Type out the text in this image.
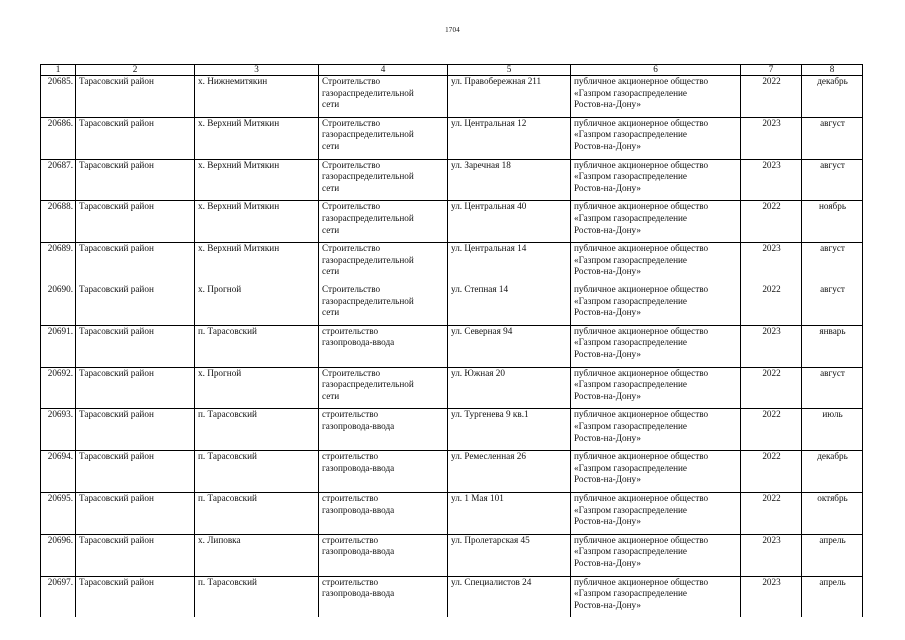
1704
1	2	3	4	5	6	7	8
20685.	Тарасовский район	х. Нижнемитякин	Строительство
газораспределительной
сети	ул. Правобережная 211	публичное акционерное общество
«Газпром газораспределение
Ростов-на-Дону»	2022	декабрь
20686.	Тарасовский район	х. Верхний Митякин	Строительство
газораспределительной
сети	ул. Центральная 12	публичное акционерное общество
«Газпром газораспределение
Ростов-на-Дону»	2023	август
20687.	Тарасовский район	х. Верхний Митякин	Строительство
газораспределительной
сети	ул. Заречная 18	публичное акционерное общество
«Газпром газораспределение
Ростов-на-Дону»	2023	август
20688.	Тарасовский район	х. Верхний Митякин	Строительство
газораспределительной
сети	ул. Центральная 40	публичное акционерное общество
«Газпром газораспределение
Ростов-на-Дону»	2022	ноябрь
20689.	Тарасовский район	х. Верхний Митякин	Строительство
газораспределительной
сети	ул. Центральная 14	публичное акционерное общество
«Газпром газораспределение
Ростов-на-Дону»	2023	август
20690.	Тарасовский район	х. Прогной	Строительство
газораспределительной
сети	ул. Степная 14	публичное акционерное общество
«Газпром газораспределение
Ростов-на-Дону»	2022	август
20691.	Тарасовский район	п. Тарасовский	строительство
газопровода-ввода	ул. Северная 94	публичное акционерное общество
«Газпром газораспределение
Ростов-на-Дону»	2023	январь
20692.	Тарасовский район	х. Прогной	Строительство
газораспределительной
сети	ул. Южная 20	публичное акционерное общество
«Газпром газораспределение
Ростов-на-Дону»	2022	август
20693.	Тарасовский район	п. Тарасовский	строительство
газопровода-ввода	ул. Тургенева 9 кв.1	публичное акционерное общество
«Газпром газораспределение
Ростов-на-Дону»	2022	июль
20694.	Тарасовский район	п. Тарасовский	строительство
газопровода-ввода	ул. Ремесленная 26	публичное акционерное общество
«Газпром газораспределение
Ростов-на-Дону»	2022	декабрь
20695.	Тарасовский район	п. Тарасовский	строительство
газопровода-ввода	ул. 1 Мая 101	публичное акционерное общество
«Газпром газораспределение
Ростов-на-Дону»	2022	октябрь
20696.	Тарасовский район	х. Липовка	строительство
газопровода-ввода	ул. Пролетарская 45	публичное акционерное общество
«Газпром газораспределение
Ростов-на-Дону»	2023	апрель
20697.	Тарасовский район	п. Тарасовский	строительство
газопровода-ввода	ул. Специалистов 24	публичное акционерное общество
«Газпром газораспределение
Ростов-на-Дону»	2023	апрель
